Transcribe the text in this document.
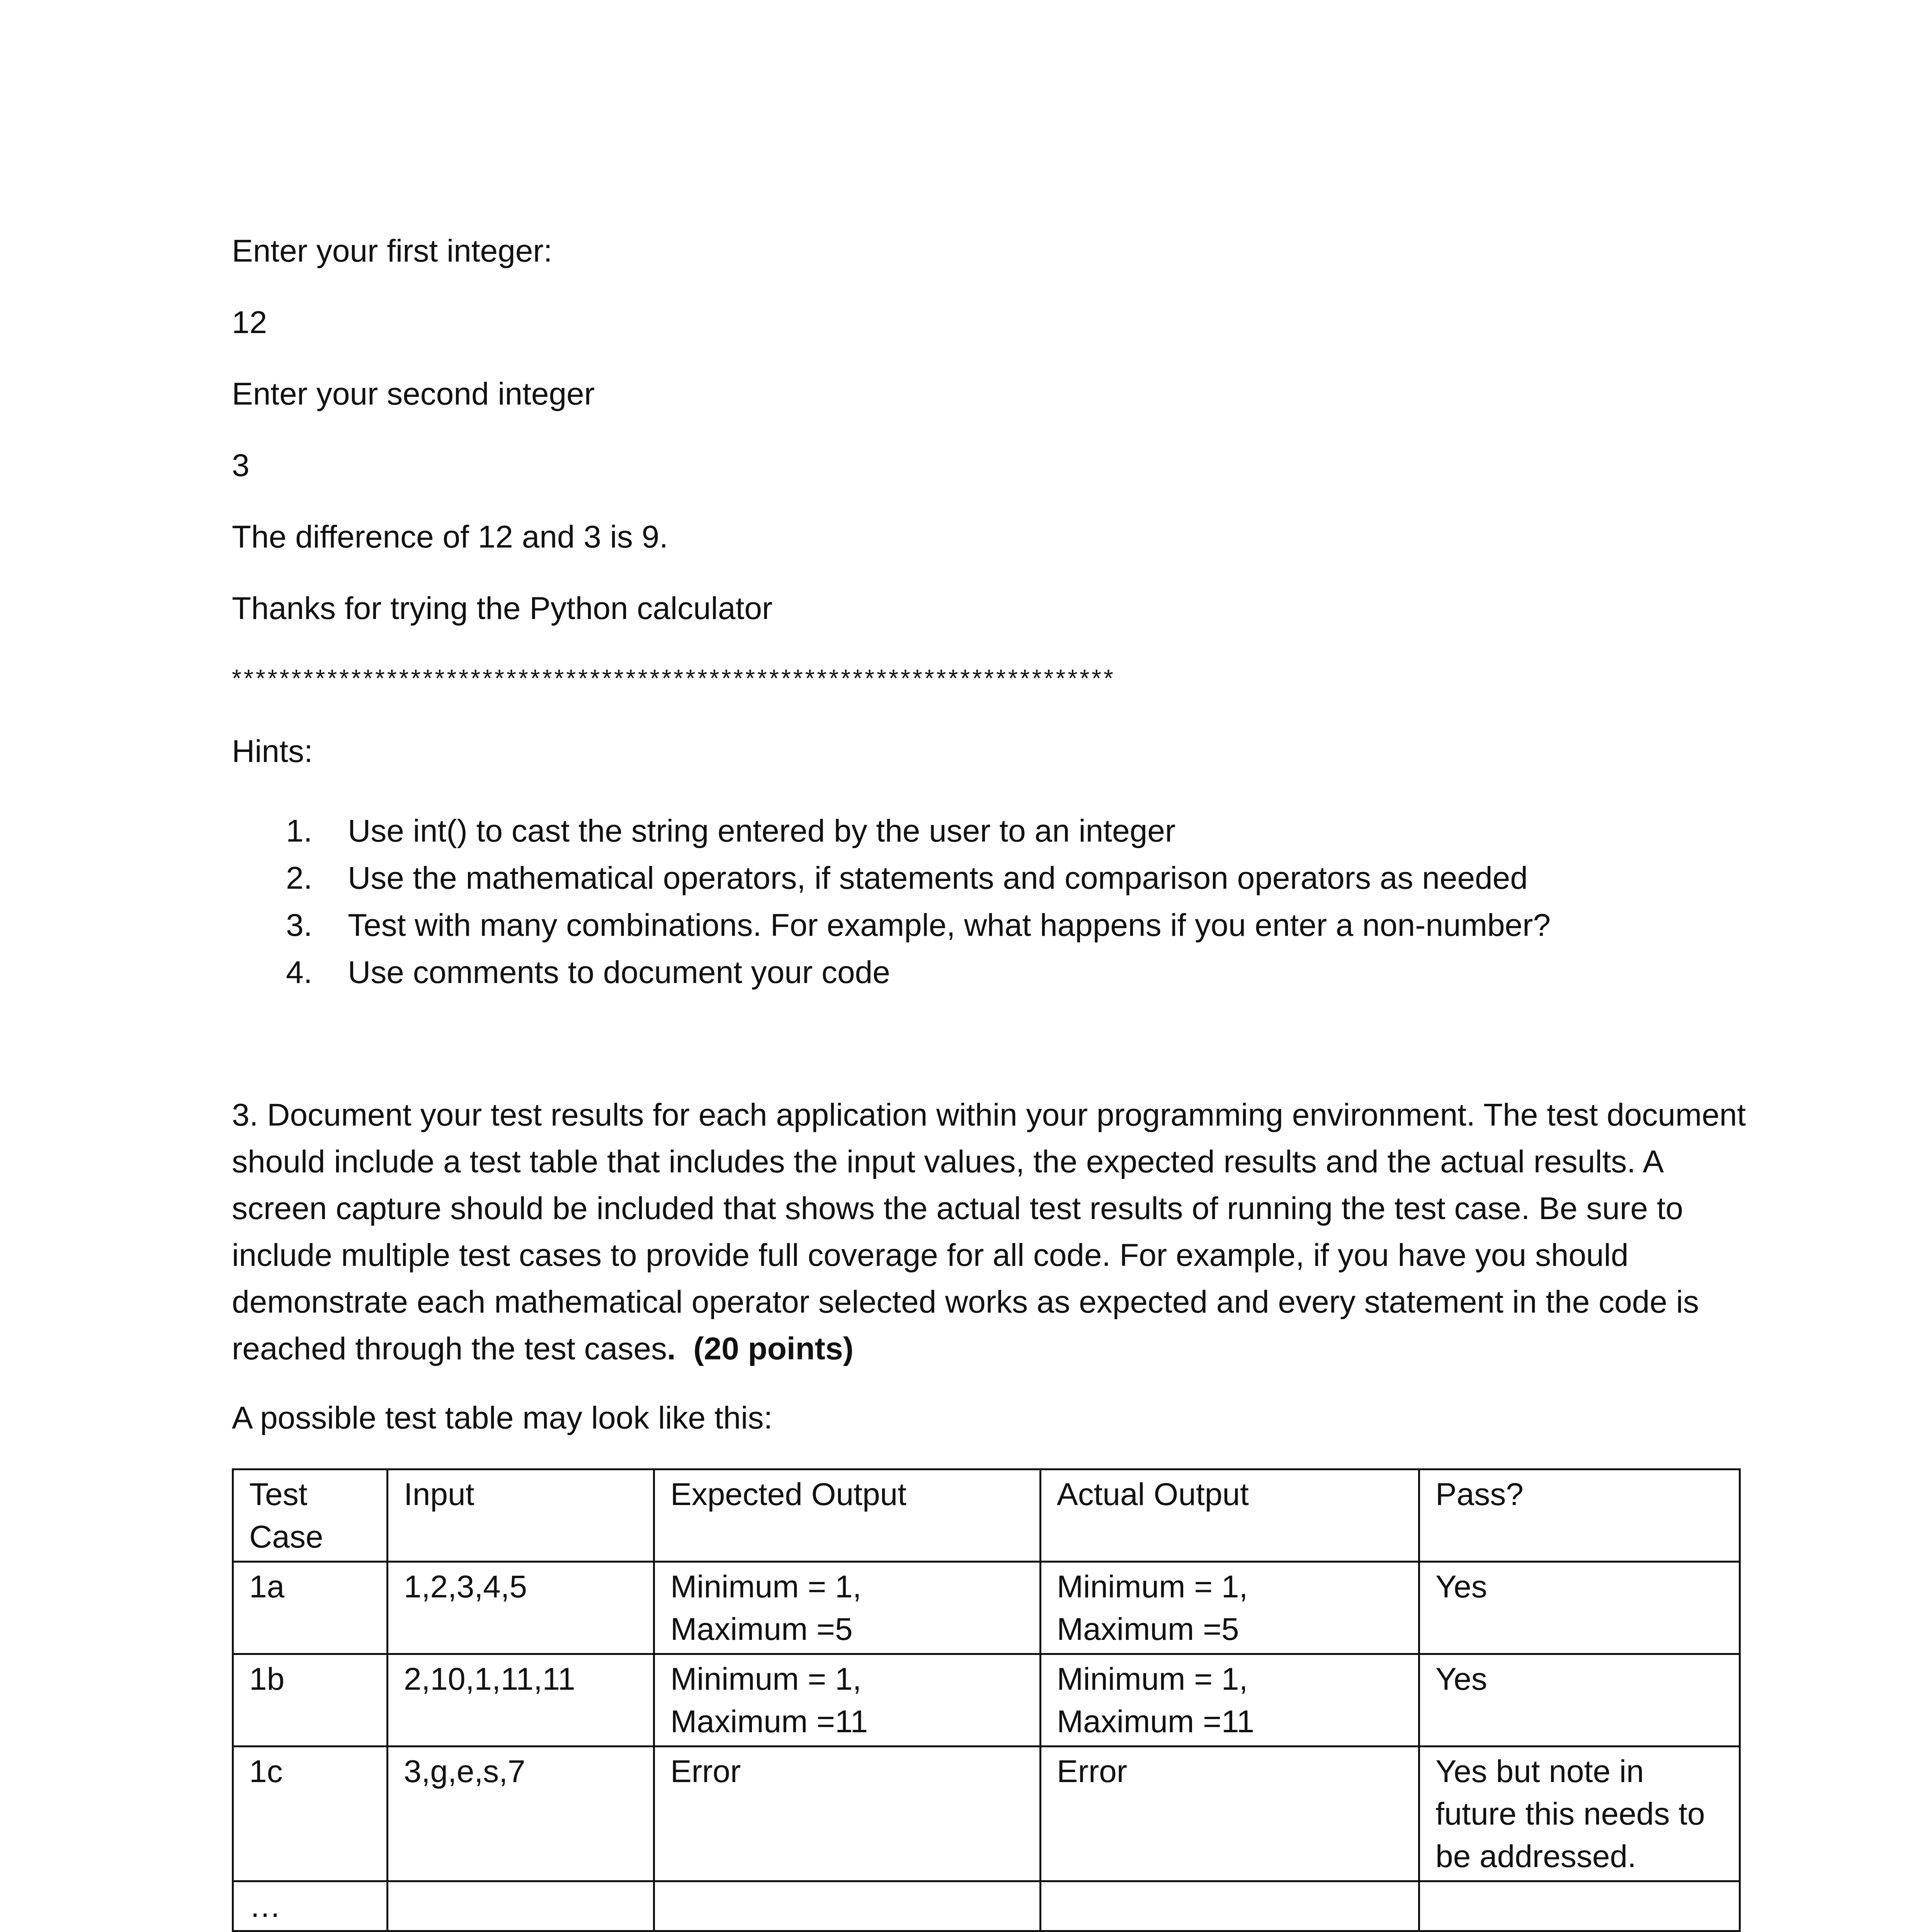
Enter your first integer:
12
Enter your second integer
3
The difference of 12 and 3 is 9.
Thanks for trying the Python calculator
**************************************************************************
Hints:
1.	Use int() to cast the string entered by the user to an integer
2.	Use the mathematical operators, if statements and comparison operators as needed
3.	Test with many combinations. For example, what happens if you enter a non-number?
4.	Use comments to document your code
3. Document your test results for each application within your programming environment. The test document should include a test table that includes the input values, the expected results and the actual results. A screen capture should be included that shows the actual test results of running the test case. Be sure to include multiple test cases to provide full coverage for all code. For example, if you have you should demonstrate each mathematical operator selected works as expected and every statement in the code is reached through the test cases. (20 points)
A possible test table may look like this:
Test
Case	Input	Expected Output	Actual Output	Pass?
1a	1,2,3,4,5	Minimum = 1,
Maximum =5	Minimum = 1,
Maximum =5	Yes

1b	2,10,1,11,11	Minimum = 1,
Maximum =11	Minimum = 1,
Maximum =11	Yes

1c	3,g,e,s,7	Error	Error	Yes but note in
future this needs to
be addressed.

…				
